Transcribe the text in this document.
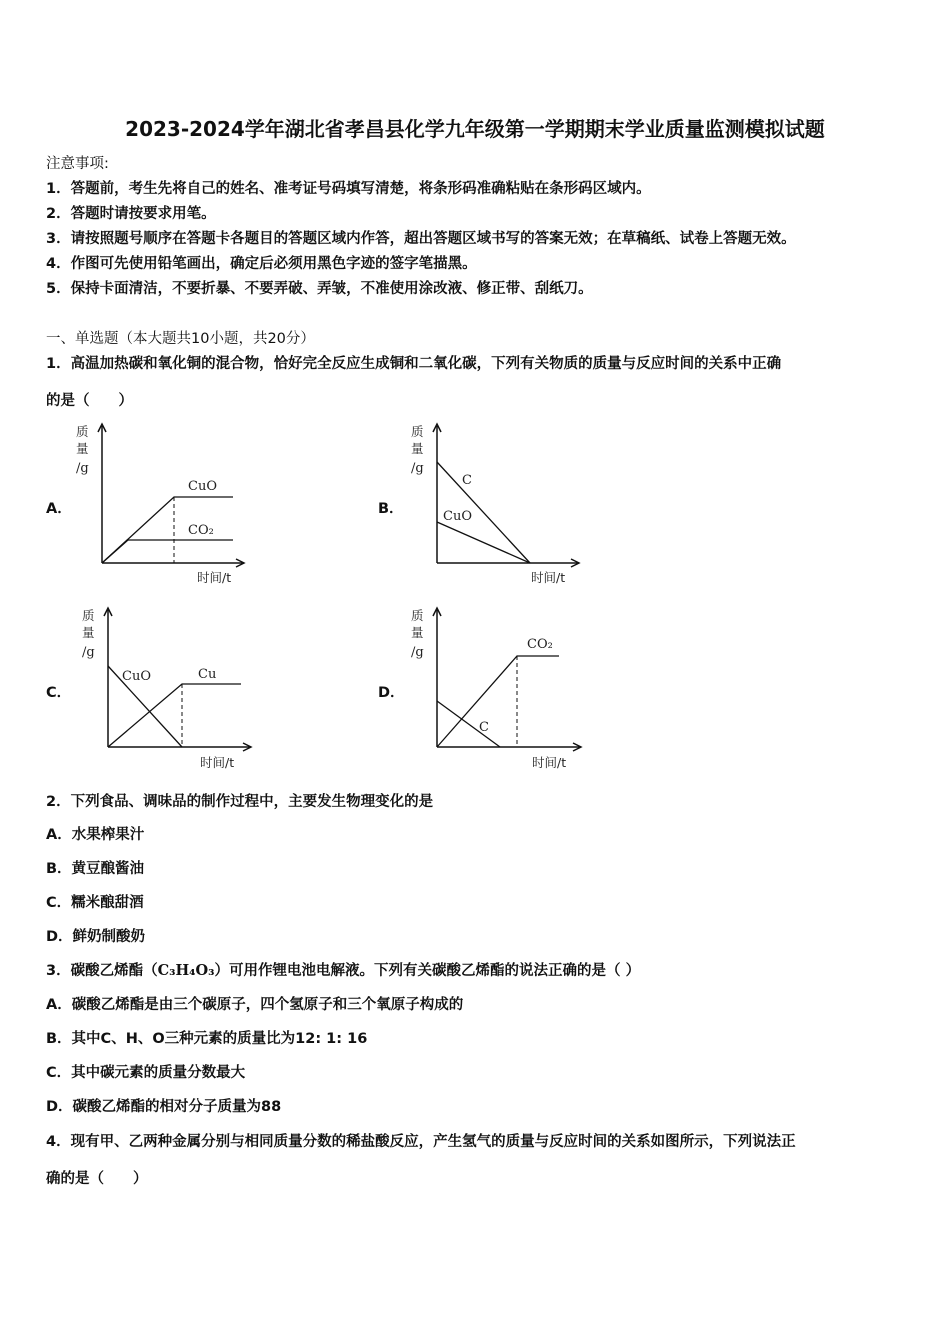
2023-2024学年湖北省孝昌县化学九年级第一学期期末学业质量监测模拟试题
注意事项:
1．答题前，考生先将自己的姓名、准考证号码填写清楚，将条形码准确粘贴在条形码区域内。
2．答题时请按要求用笔。
3．请按照题号顺序在答题卡各题目的答题区域内作答，超出答题区域书写的答案无效；在草稿纸、试卷上答题无效。
4．作图可先使用铅笔画出，确定后必须用黑色字迹的签字笔描黑。
5．保持卡面清洁，不要折暴、不要弄破、弄皱，不准使用涂改液、修正带、刮纸刀。
一、单选题（本大题共10小题，共20分）
1．高温加热碳和氧化铜的混合物，恰好完全反应生成铜和二氧化碳，下列有关物质的质量与反应时间的关系中正确
的是（　　）
A．	B．
C．	D．
质
量
/g
CuO
CO₂
时间/t
质
量
/g
C
CuO
时间/t
质
量
/g
CuO	Cu
时间/t
质
量
/g
CO₂
C
时间/t
2．下列食品、调味品的制作过程中，主要发生物理变化的是
A．水果榨果汁
B．黄豆酿酱油
C．糯米酿甜酒
D．鲜奶制酸奶
3．碳酸乙烯酯（C₃H₄O₃）可用作锂电池电解液。下列有关碳酸乙烯酯的说法正确的是（ ）
A．碳酸乙烯酯是由三个碳原子，四个氢原子和三个氧原子构成的
B．其中C、H、O三种元素的质量比为12: 1: 16
C．其中碳元素的质量分数最大
D．碳酸乙烯酯的相对分子质量为88
4．现有甲、乙两种金属分别与相同质量分数的稀盐酸反应，产生氢气的质量与反应时间的关系如图所示，下列说法正
确的是（　　）
